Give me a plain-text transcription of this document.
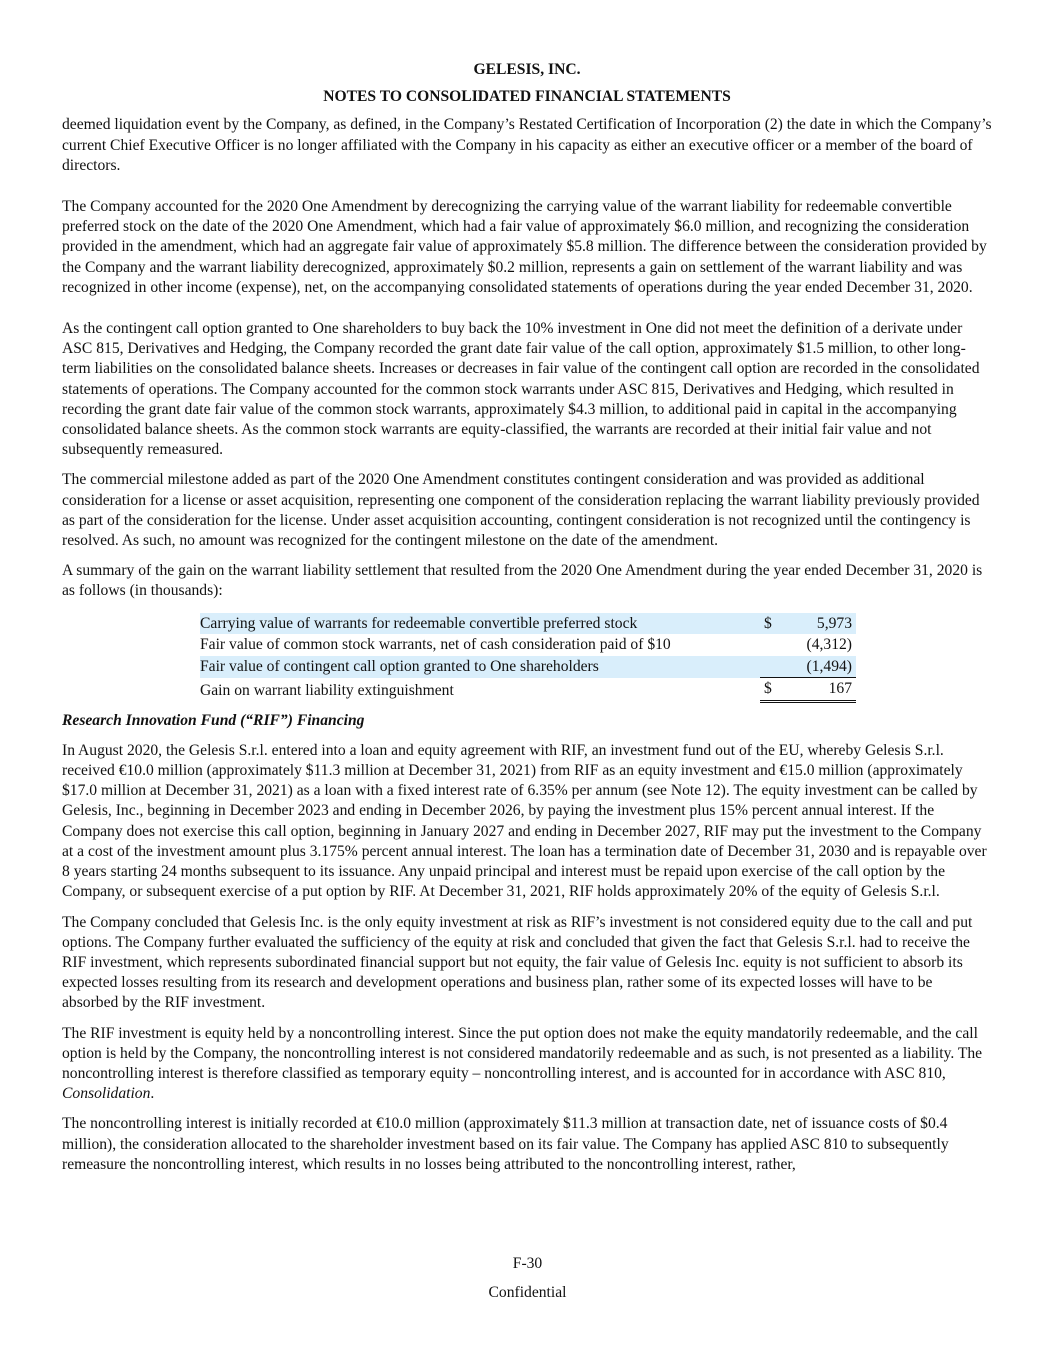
GELESIS, INC.
NOTES TO CONSOLIDATED FINANCIAL STATEMENTS

deemed liquidation event by the Company, as defined, in the Company’s Restated Certification of Incorporation (2) the date in which the Company’s current Chief Executive Officer is no longer affiliated with the Company in his capacity as either an executive officer or a member of the board of directors.

The Company accounted for the 2020 One Amendment by derecognizing the carrying value of the warrant liability for redeemable convertible preferred stock on the date of the 2020 One Amendment, which had a fair value of approximately $6.0 million, and recognizing the consideration provided in the amendment, which had an aggregate fair value of approximately $5.8 million. The difference between the consideration provided by the Company and the warrant liability derecognized, approximately $0.2 million, represents a gain on settlement of the warrant liability and was recognized in other income (expense), net, on the accompanying consolidated statements of operations during the year ended December 31, 2020.

As the contingent call option granted to One shareholders to buy back the 10% investment in One did not meet the definition of a derivate under ASC 815, Derivatives and Hedging, the Company recorded the grant date fair value of the call option, approximately $1.5 million, to other long-term liabilities on the consolidated balance sheets. Increases or decreases in fair value of the contingent call option are recorded in the consolidated statements of operations. The Company accounted for the common stock warrants under ASC 815, Derivatives and Hedging, which resulted in recording the grant date fair value of the common stock warrants, approximately $4.3 million, to additional paid in capital in the accompanying consolidated balance sheets. As the common stock warrants are equity-classified, the warrants are recorded at their initial fair value and not subsequently remeasured.

The commercial milestone added as part of the 2020 One Amendment constitutes contingent consideration and was provided as additional consideration for a license or asset acquisition, representing one component of the consideration replacing the warrant liability previously provided as part of the consideration for the license. Under asset acquisition accounting, contingent consideration is not recognized until the contingency is resolved. As such, no amount was recognized for the contingent milestone on the date of the amendment.

A summary of the gain on the warrant liability settlement that resulted from the 2020 One Amendment during the year ended December 31, 2020 is as follows (in thousands):

Carrying value of warrants for redeemable convertible preferred stock	$	5,973
Fair value of common stock warrants, net of cash consideration paid of $10		(4,312)
Fair value of contingent call option granted to One shareholders		(1,494)
Gain on warrant liability extinguishment	$	167
Research Innovation Fund (“RIF”) Financing

In August 2020, the Gelesis S.r.l. entered into a loan and equity agreement with RIF, an investment fund out of the EU, whereby Gelesis S.r.l. received €10.0 million (approximately $11.3 million at December 31, 2021) from RIF as an equity investment and €15.0 million (approximately $17.0 million at December 31, 2021) as a loan with a fixed interest rate of 6.35% per annum (see Note 12). The equity investment can be called by Gelesis, Inc., beginning in December 2023 and ending in December 2026, by paying the investment plus 15% percent annual interest. If the Company does not exercise this call option, beginning in January 2027 and ending in December 2027, RIF may put the investment to the Company at a cost of the investment amount plus 3.175% percent annual interest. The loan has a termination date of December 31, 2030 and is repayable over 8 years starting 24 months subsequent to its issuance. Any unpaid principal and interest must be repaid upon exercise of the call option by the Company, or subsequent exercise of a put option by RIF. At December 31, 2021, RIF holds approximately 20% of the equity of Gelesis S.r.l.

The Company concluded that Gelesis Inc. is the only equity investment at risk as RIF’s investment is not considered equity due to the call and put options. The Company further evaluated the sufficiency of the equity at risk and concluded that given the fact that Gelesis S.r.l. had to receive the RIF investment, which represents subordinated financial support but not equity, the fair value of Gelesis Inc. equity is not sufficient to absorb its expected losses resulting from its research and development operations and business plan, rather some of its expected losses will have to be absorbed by the RIF investment.

The RIF investment is equity held by a noncontrolling interest. Since the put option does not make the equity mandatorily redeemable, and the call option is held by the Company, the noncontrolling interest is not considered mandatorily redeemable and as such, is not presented as a liability. The noncontrolling interest is therefore classified as temporary equity – noncontrolling interest, and is accounted for in accordance with ASC 810, Consolidation.

The noncontrolling interest is initially recorded at €10.0 million (approximately $11.3 million at transaction date, net of issuance costs of $0.4 million), the consideration allocated to the shareholder investment based on its fair value. The Company has applied ASC 810 to subsequently remeasure the noncontrolling interest, which results in no losses being attributed to the noncontrolling interest, rather,

F-30
Confidential
